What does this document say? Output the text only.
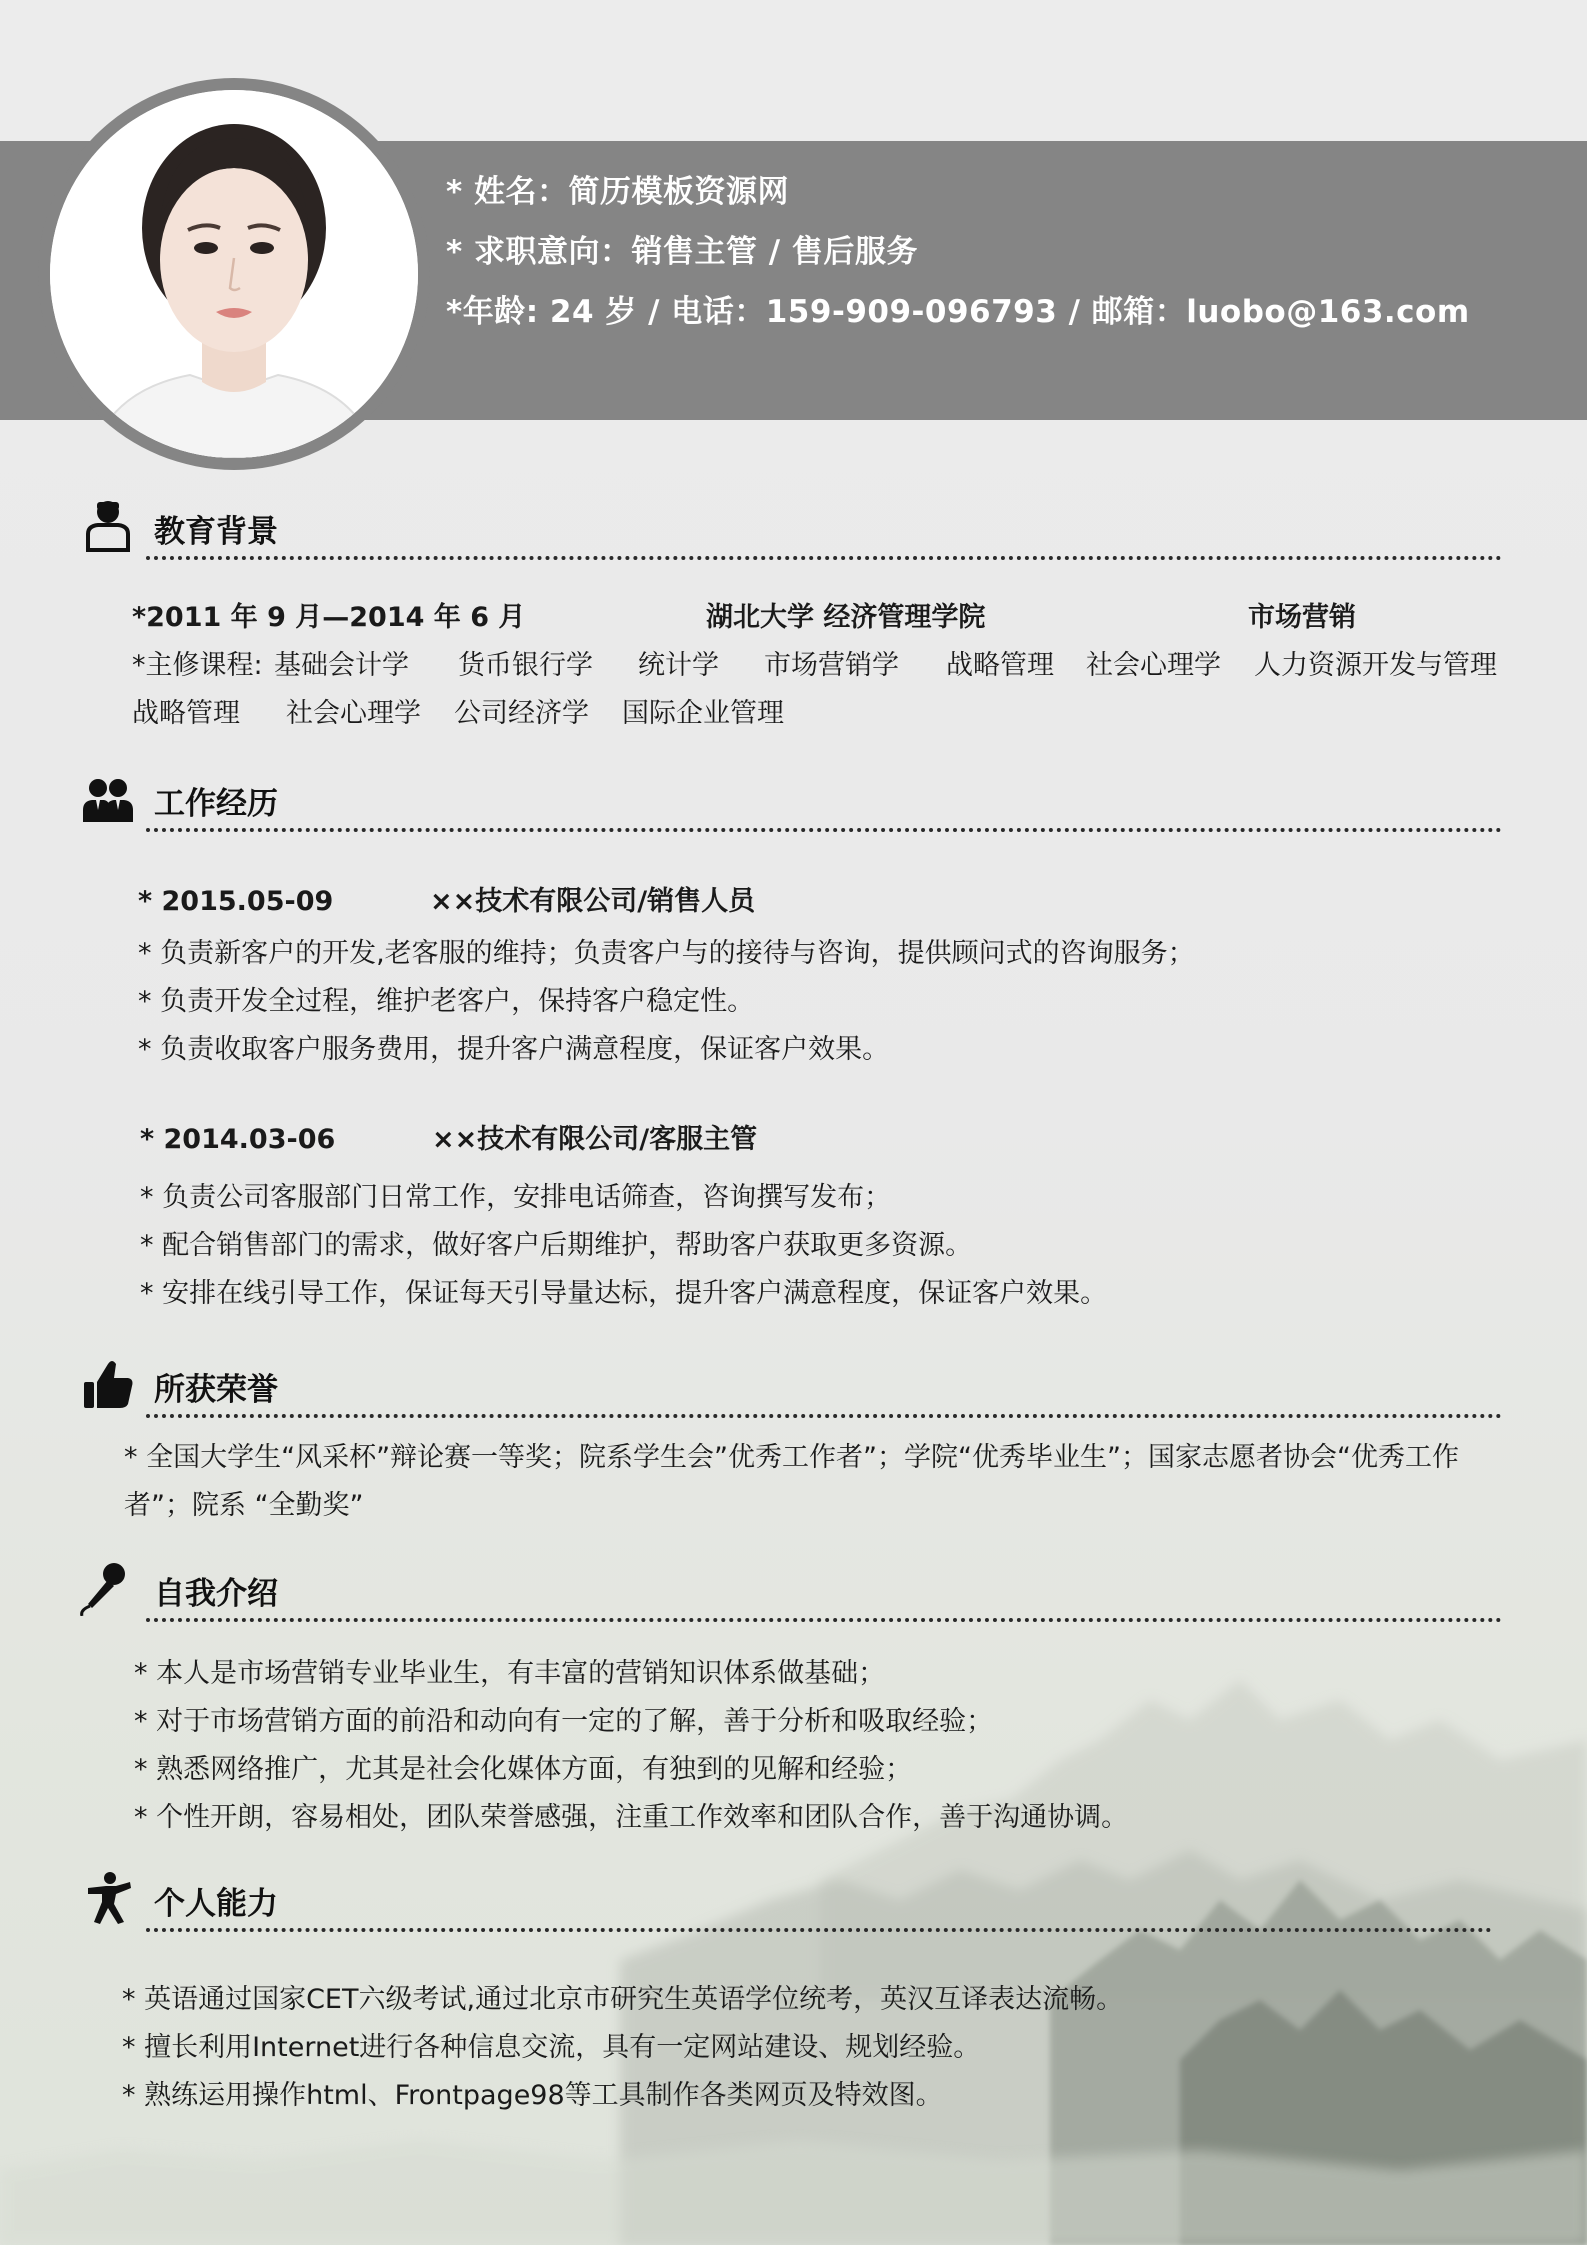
* 姓名：简历模板资源网
* 求职意向：销售主管 / 售后服务
*年龄: 24 岁 / 电话：159-909-096793 / 邮箱：luobo@163.com
教育背景
*2011 年 9 月—2014 年 6 月	湖北大学 经济管理学院	市场营销
*主修课程: 基础会计学 货币银行学 统计学 市场营销学 战略管理 社会心理学 人力资源开发与管理
战略管理 社会心理学 公司经济学 国际企业管理
工作经历
* 2015.05-09	××技术有限公司/销售人员
* 负责新客户的开发,老客服的维持；负责客户与的接待与咨询，提供顾问式的咨询服务；
* 负责开发全过程，维护老客户，保持客户稳定性。
* 负责收取客户服务费用，提升客户满意程度，保证客户效果。
* 2014.03-06	××技术有限公司/客服主管
* 负责公司客服部门日常工作，安排电话筛查，咨询撰写发布；
* 配合销售部门的需求，做好客户后期维护，帮助客户获取更多资源。
* 安排在线引导工作，保证每天引导量达标，提升客户满意程度，保证客户效果。
所获荣誉
* 全国大学生“风采杯”辩论赛一等奖；院系学生会”优秀工作者”；学院“优秀毕业生”；国家志愿者协会“优秀工作者”；院系 “全勤奖”
自我介绍
* 本人是市场营销专业毕业生，有丰富的营销知识体系做基础；
* 对于市场营销方面的前沿和动向有一定的了解，善于分析和吸取经验；
* 熟悉网络推广，尤其是社会化媒体方面，有独到的见解和经验；
* 个性开朗，容易相处，团队荣誉感强，注重工作效率和团队合作，善于沟通协调。
个人能力
* 英语通过国家CET六级考试,通过北京市研究生英语学位统考，英汉互译表达流畅。
* 擅长利用Internet进行各种信息交流，具有一定网站建设、规划经验。
* 熟练运用操作html、Frontpage98等工具制作各类网页及特效图。
